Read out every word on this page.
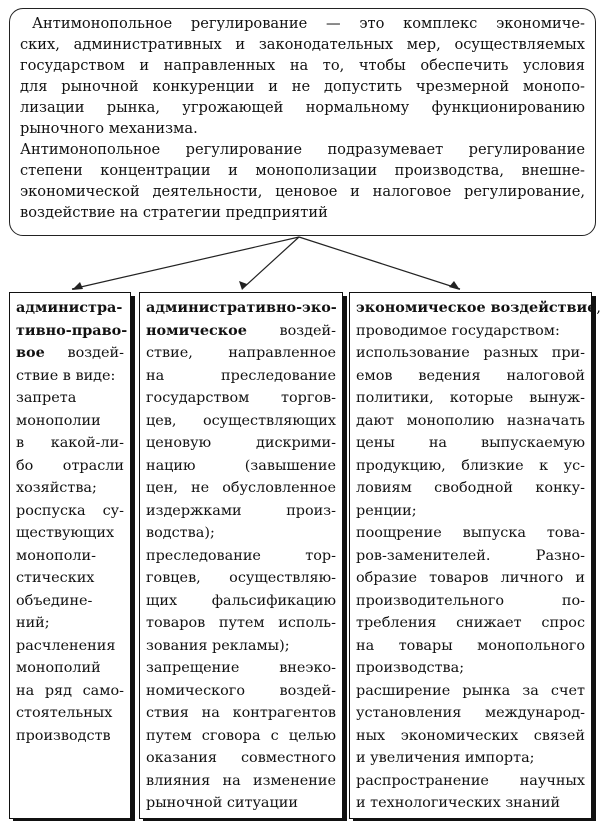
Антимонопольное регулирование — это комплекс экономиче-
ских, административных и законодательных мер, осуществляемых
государством и направленных на то, чтобы обеспечить условия
для рыночной конкуренции и не допустить чрезмерной монопо-
лизации рынка, угрожающей нормальному функционированию
рыночного механизма.
Антимонопольное регулирование подразумевает регулирование
степени концентрации и монополизации производства, внешне-
экономической деятельности, ценовое и налоговое регулирование,
воздействие на стратегии предприятий
администра-
тивно-право-
вое воздей-
ствие в виде:
запрета
монополии
в какой-ли-
бо отрасли
хозяйства;
роспуска су-
ществующих
монополи-
стических
объедине-
ний;
расчленения
монополий
на ряд само-
стоятельных
производств
административно-эко-
номическое воздей-
ствие, направленное
на преследование
государством торгов-
цев, осуществляющих
ценовую дискрими-
нацию (завышение
цен, не обусловленное
издержками произ-
водства);
преследование тор-
говцев, осуществляю-
щих фальсификацию
товаров путем исполь-
зования рекламы);
запрещение внеэко-
номического воздей-
ствия на контрагентов
путем сговора с целью
оказания совместного
влияния на изменение
рыночной ситуации
экономическое воздействие,
проводимое государством:
использование разных при-
емов ведения налоговой
политики, которые вынуж-
дают монополию назначать
цены на выпускаемую
продукцию, близкие к ус-
ловиям свободной конку-
ренции;
поощрение выпуска това-
ров-заменителей. Разно-
образие товаров личного и
производительного по-
требления снижает спрос
на товары монопольного
производства;
расширение рынка за счет
установления международ-
ных экономических связей
и увеличения импорта;
распространение научных
и технологических знаний
